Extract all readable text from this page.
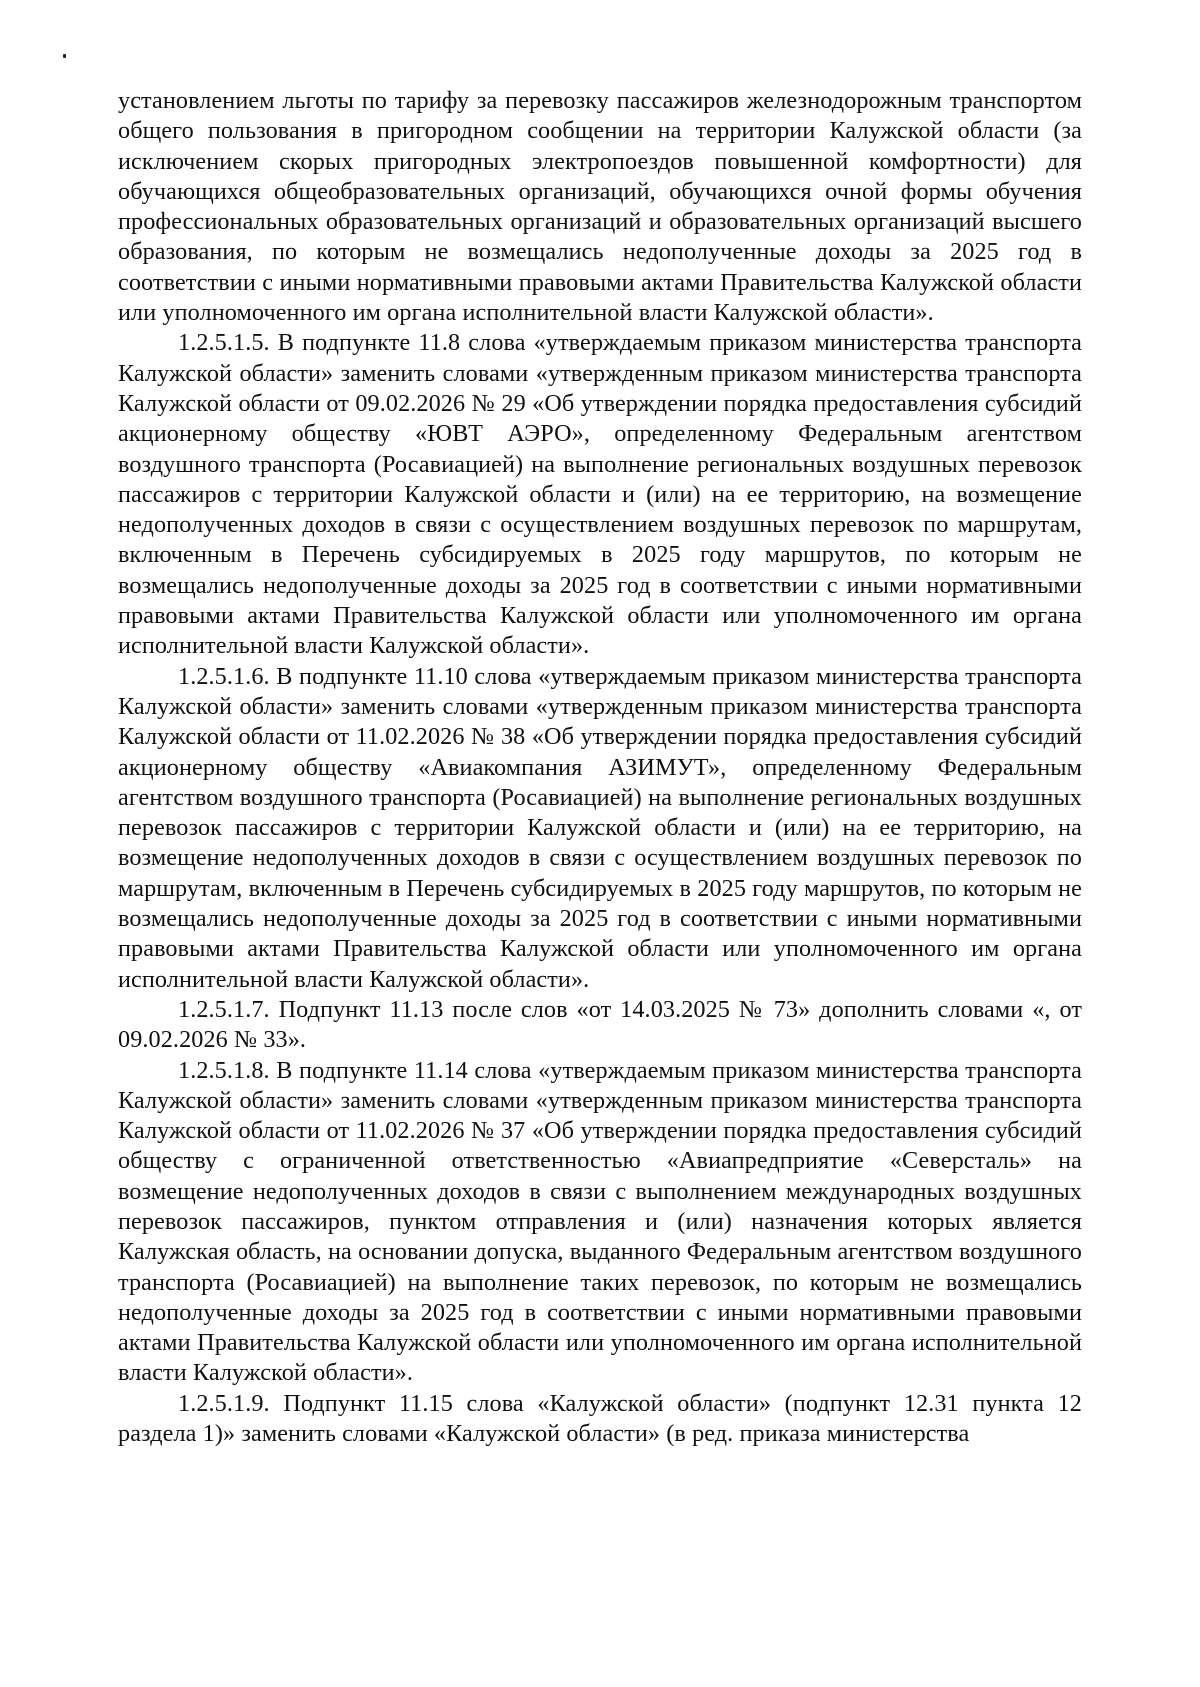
установлением льготы по тарифу за перевозку пассажиров железнодорожным транспортом общего пользования в пригородном сообщении на территории Калужской области (за исключением скорых пригородных электропоездов повышенной комфортности) для обучающихся общеобразовательных организаций, обучающихся очной формы обучения профессиональных образовательных организаций и образовательных организаций высшего образования, по которым не возмещались недополученные доходы за 2025 год в соответствии с иными нормативными правовыми актами Правительства Калужской области или уполномоченного им органа исполнительной власти Калужской области».

1.2.5.1.5. В подпункте 11.8 слова «утверждаемым приказом министерства транспорта Калужской области» заменить словами «утвержденным приказом министерства транспорта Калужской области от 09.02.2026 № 29 «Об утверждении порядка предоставления субсидий акционерному обществу «ЮВТ АЭРО», определенному Федеральным агентством воздушного транспорта (Росавиацией) на выполнение региональных воздушных перевозок пассажиров с территории Калужской области и (или) на ее территорию, на возмещение недополученных доходов в связи с осуществлением воздушных перевозок по маршрутам, включенным в Перечень субсидируемых в 2025 году маршрутов, по которым не возмещались недополученные доходы за 2025 год в соответствии с иными нормативными правовыми актами Правительства Калужской области или уполномоченного им органа исполнительной власти Калужской области».

1.2.5.1.6. В подпункте 11.10 слова «утверждаемым приказом министерства транспорта Калужской области» заменить словами «утвержденным приказом министерства транспорта Калужской области от 11.02.2026 № 38 «Об утверждении порядка предоставления субсидий акционерному обществу «Авиакомпания АЗИМУТ», определенному Федеральным агентством воздушного транспорта (Росавиацией) на выполнение региональных воздушных перевозок пассажиров с территории Калужской области и (или) на ее территорию, на возмещение недополученных доходов в связи с осуществлением воздушных перевозок по маршрутам, включенным в Перечень субсидируемых в 2025 году маршрутов, по которым не возмещались недополученные доходы за 2025 год в соответствии с иными нормативными правовыми актами Правительства Калужской области или уполномоченного им органа исполнительной власти Калужской области».

1.2.5.1.7. Подпункт 11.13 после слов «от 14.03.2025 № 73» дополнить словами «, от 09.02.2026 № 33».

1.2.5.1.8. В подпункте 11.14 слова «утверждаемым приказом министерства транспорта Калужской области» заменить словами «утвержденным приказом министерства транспорта Калужской области от 11.02.2026 № 37 «Об утверждении порядка предоставления субсидий обществу с ограниченной ответственностью «Авиапредприятие «Северсталь» на возмещение недополученных доходов в связи с выполнением международных воздушных перевозок пассажиров, пунктом отправления и (или) назначения которых является Калужская область, на основании допуска, выданного Федеральным агентством воздушного транспорта (Росавиацией) на выполнение таких перевозок, по которым не возмещались недополученные доходы за 2025 год в соответствии с иными нормативными правовыми актами Правительства Калужской области или уполномоченного им органа исполнительной власти Калужской области».

1.2.5.1.9. Подпункт 11.15 слова «Калужской области» (подпункт 12.31 пункта 12 раздела 1)» заменить словами «Калужской области» (в ред. приказа министерства
